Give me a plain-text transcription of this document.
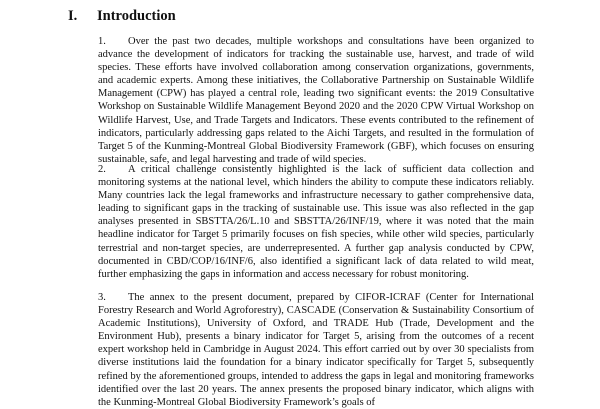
I. Introduction

1. Over the past two decades, multiple workshops and consultations have been organized to advance the development of indicators for tracking the sustainable use, harvest, and trade of wild species. These efforts have involved collaboration among conservation organizations, governments, and academic experts. Among these initiatives, the Collaborative Partnership on Sustainable Wildlife Management (CPW) has played a central role, leading two significant events: the 2019 Consultative Workshop on Sustainable Wildlife Management Beyond 2020 and the 2020 CPW Virtual Workshop on Wildlife Harvest, Use, and Trade Targets and Indicators. These events contributed to the refinement of indicators, particularly addressing gaps related to the Aichi Targets, and resulted in the formulation of Target 5 of the Kunming-Montreal Global Biodiversity Framework (GBF), which focuses on ensuring sustainable, safe, and legal harvesting and trade of wild species.

2. A critical challenge consistently highlighted is the lack of sufficient data collection and monitoring systems at the national level, which hinders the ability to compute these indicators reliably. Many countries lack the legal frameworks and infrastructure necessary to gather comprehensive data, leading to significant gaps in the tracking of sustainable use. This issue was also reflected in the gap analyses presented in SBSTTA/26/L.10 and SBSTTA/26/INF/19, where it was noted that the main headline indicator for Target 5 primarily focuses on fish species, while other wild species, particularly terrestrial and non-target species, are underrepresented. A further gap analysis conducted by CPW, documented in CBD/COP/16/INF/6, also identified a significant lack of data related to wild meat, further emphasizing the gaps in information and access necessary for robust monitoring.

3. The annex to the present document, prepared by CIFOR-ICRAF (Center for International Forestry Research and World Agroforestry), CASCADE (Conservation & Sustainability Consortium of Academic Institutions), University of Oxford, and TRADE Hub (Trade, Development and the Environment Hub), presents a binary indicator for Target 5, arising from the outcomes of a recent expert workshop held in Cambridge in August 2024. This effort carried out by over 30 specialists from diverse institutions laid the foundation for a binary indicator specifically for Target 5, subsequently refined by the aforementioned groups, intended to address the gaps in legal and monitoring frameworks identified over the last 20 years. The annex presents the proposed binary indicator, which aligns with the Kunming-Montreal Global Biodiversity Framework’s goals of
